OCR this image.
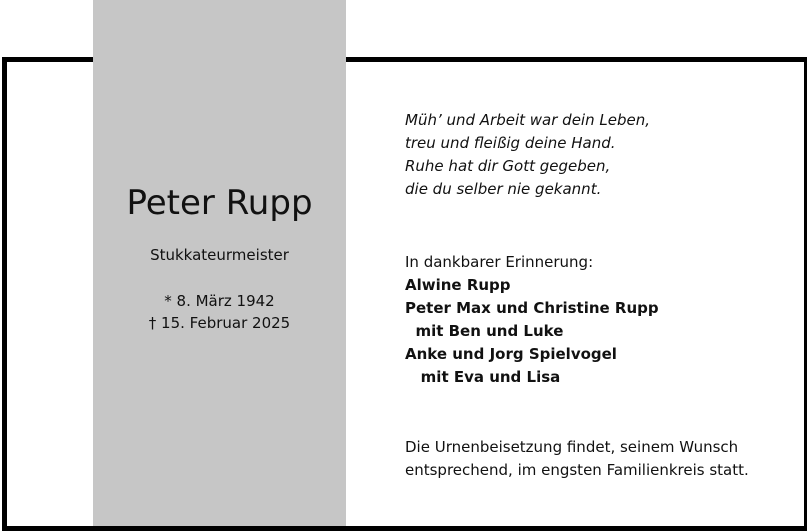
Peter Rupp
Stukkateurmeister
* 8. März 1942
† 15. Februar 2025
Müh’ und Arbeit war dein Leben,
treu und fleißig deine Hand.
Ruhe hat dir Gott gegeben,
die du selber nie gekannt.
In dankbarer Erinnerung:
Alwine Rupp
Peter Max und Christine Rupp
mit Ben und Luke
Anke und Jorg Spielvogel
mit Eva und Lisa
Die Urnenbeisetzung findet, seinem Wunsch
entsprechend, im engsten Familienkreis statt.
